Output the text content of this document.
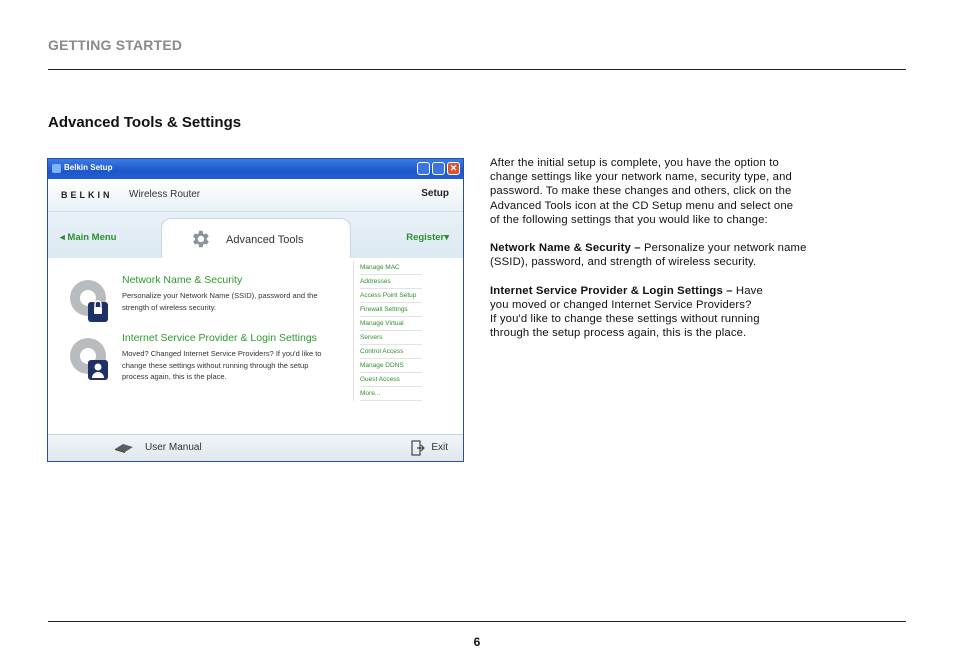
GETTING STARTED
Advanced Tools & Settings
Belkin Setup	✕
BELKIN Wireless Router	Setup
◂ Main Menu	Advanced Tools	Register▾
Network Name & Security
Personalize your Network Name (SSID), password and the strength of wireless security.
Internet Service Provider & Login Settings
Moved? Changed Internet Service Providers? If you'd like to change these settings without running through the setup process again, this is the place.
Manage MAC
Addresses
Access Point Setup
Firewall Settings
Manage Virtual
Servers
Control Access
Manage DDNS
Guest Access
More...
User Manual	Exit

After the initial setup is complete, you have the option to
change settings like your network name, security type, and
password. To make these changes and others, click on the
Advanced Tools icon at the CD Setup menu and select one
of the following settings that you would like to change:

Network Name & Security – Personalize your network name
(SSID), password, and strength of wireless security.

Internet Service Provider & Login Settings – Have
you moved or changed Internet Service Providers?
If you'd like to change these settings without running
through the setup process again, this is the place.

6
